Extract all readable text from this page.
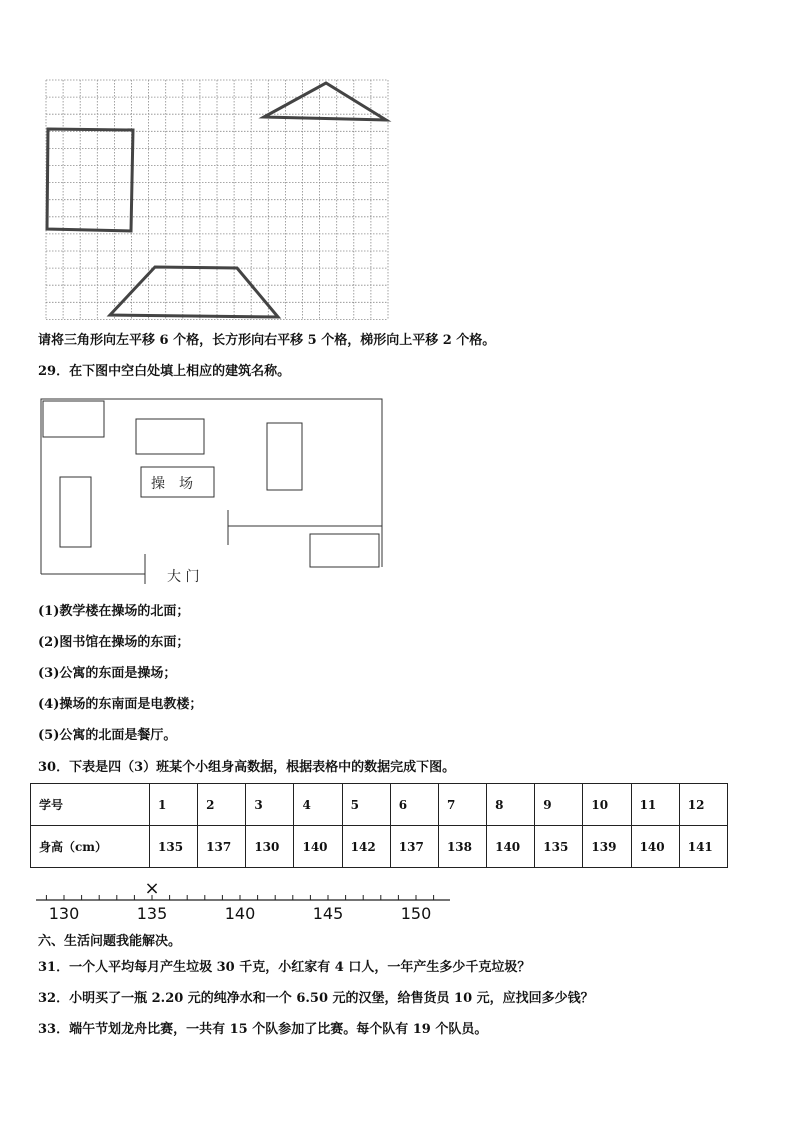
请将三角形向左平移 6 个格，长方形向右平移 5 个格，梯形向上平移 2 个格。
29．在下图中空白处填上相应的建筑名称。
操　场
大 门
(1)教学楼在操场的北面；
(2)图书馆在操场的东面；
(3)公寓的东面是操场；
(4)操场的东南面是电教楼；
(5)公寓的北面是餐厅。
30．下表是四（3）班某个小组身高数据，根据表格中的数据完成下图。
学号	1	2	3	4	5	6	7	8	9	10	11	12
身高（cm）	135	137	130	140	142	137	138	140	135	139	140	141
130	135	140	145	150
×
六、生活问题我能解决。
31．一个人平均每月产生垃圾 30 千克，小红家有 4 口人，一年产生多少千克垃圾？
32．小明买了一瓶 2.20 元的纯净水和一个 6.50 元的汉堡，给售货员 10 元，应找回多少钱？
33．端午节划龙舟比赛，一共有 15 个队参加了比赛。每个队有 19 个队员。
